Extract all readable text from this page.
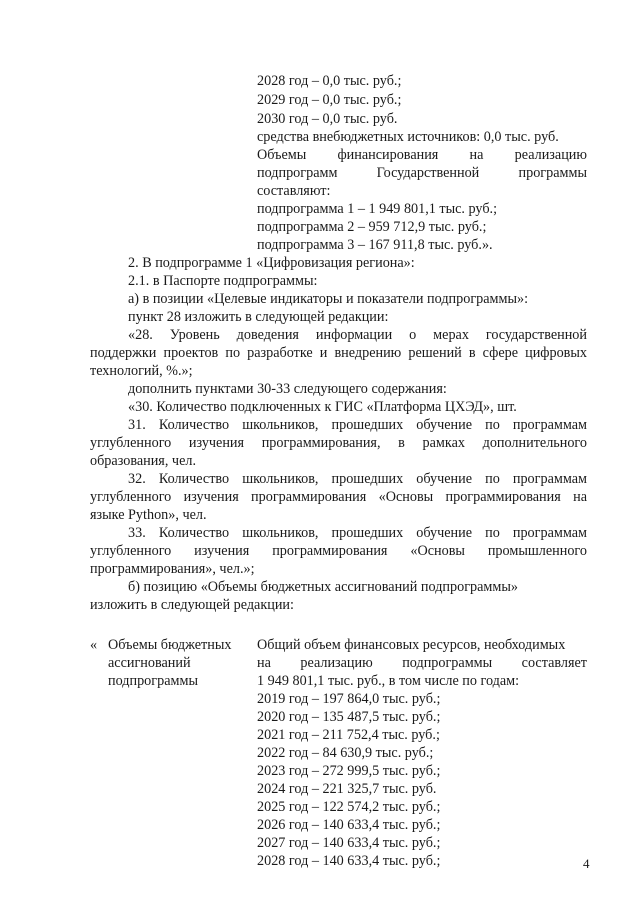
2028 год – 0,0 тыс. руб.;
2029 год – 0,0 тыс. руб.;
2030 год – 0,0 тыс. руб.
средства внебюджетных источников: 0,0 тыс. руб.
Объемы финансирования на реализацию
подпрограмм Государственной программы
составляют:
подпрограмма 1 – 1 949 801,1 тыс. руб.;
подпрограмма 2 – 959 712,9 тыс. руб.;
подпрограмма 3 – 167 911,8 тыс. руб.».
2. В подпрограмме 1 «Цифровизация региона»:
2.1. в Паспорте подпрограммы:
а) в позиции «Целевые индикаторы и показатели подпрограммы»:
пункт 28 изложить в следующей редакции:
«28. Уровень доведения информации о мерах государственной
поддержки проектов по разработке и внедрению решений в сфере цифровых
технологий, %.»;
дополнить пунктами 30-33 следующего содержания:
«30. Количество подключенных к ГИС «Платформа ЦХЭД», шт.
31. Количество школьников, прошедших обучение по программам
углубленного изучения программирования, в рамках дополнительного
образования, чел.
32. Количество школьников, прошедших обучение по программам
углубленного изучения программирования «Основы программирования на
языке Python», чел.
33. Количество школьников, прошедших обучение по программам
углубленного изучения программирования «Основы промышленного
программирования», чел.»;
б) позицию «Объемы бюджетных ассигнований подпрограммы»
изложить в следующей редакции:
« Объемы бюджетных
ассигнований
подпрограммы
Общий объем финансовых ресурсов, необходимых
на реализацию подпрограммы составляет
1 949 801,1 тыс. руб., в том числе по годам:
2019 год – 197 864,0 тыс. руб.;
2020 год – 135 487,5 тыс. руб.;
2021 год – 211 752,4 тыс. руб.;
2022 год – 84 630,9 тыс. руб.;
2023 год – 272 999,5 тыс. руб.;
2024 год – 221 325,7 тыс. руб.
2025 год – 122 574,2 тыс. руб.;
2026 год – 140 633,4 тыс. руб.;
2027 год – 140 633,4 тыс. руб.;
2028 год – 140 633,4 тыс. руб.;	4
